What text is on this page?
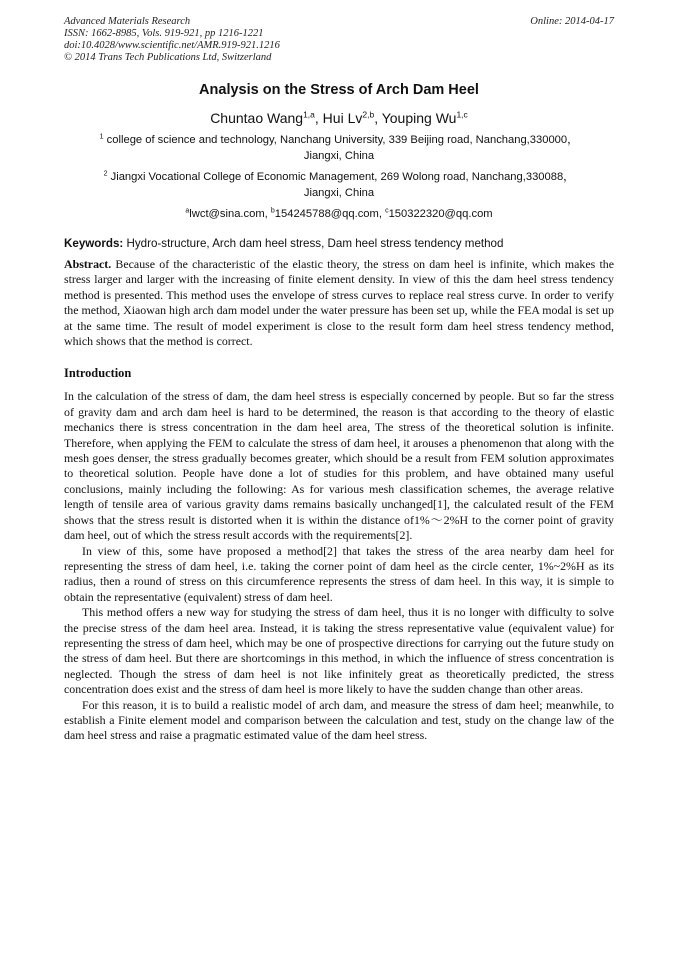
Advanced Materials Research
ISSN: 1662-8985, Vols. 919-921, pp 1216-1221
doi:10.4028/www.scientific.net/AMR.919-921.1216
© 2014 Trans Tech Publications Ltd, Switzerland
Online: 2014-04-17
Analysis on the Stress of Arch Dam Heel
Chuntao Wang$^{1,a}$, Hui Lv$^{2,b}$, Youping Wu$^{1,c}$
$^1$ college of science and technology, Nanchang University, 339 Beijing road, Nanchang,330000，
Jiangxi, China
$^2$ Jiangxi Vocational College of Economic Management, 269 Wolong road, Nanchang,330088，
Jiangxi, China
$^a$lwct@sina.com, $^b$154245788@qq.com, $^c$150322320@qq.com
Keywords: Hydro-structure, Arch dam heel stress, Dam heel stress tendency method
Abstract. Because of the characteristic of the elastic theory, the stress on dam heel is infinite, which makes the stress larger and larger with the increasing of finite element density. In view of this the dam heel stress tendency method is presented. This method uses the envelope of stress curves to replace real stress curve. In order to verify the method, Xiaowan high arch dam model under the water pressure has been set up, while the FEA modal is set up at the same time. The result of model experiment is close to the result form dam heel stress tendency method, which shows that the method is correct.
Introduction
In the calculation of the stress of dam, the dam heel stress is especially concerned by people. But so far the stress of gravity dam and arch dam heel is hard to be determined, the reason is that according to the theory of elastic mechanics there is stress concentration in the dam heel area, The stress of the theoretical solution is infinite. Therefore, when applying the FEM to calculate the stress of dam heel, it arouses a phenomenon that along with the mesh goes denser, the stress gradually becomes greater, which should be a result from FEM solution approximates to theoretical solution. People have done a lot of studies for this problem, and have obtained many useful conclusions, mainly including the following: As for various mesh classification schemes, the average relative length of tensile area of various gravity dams remains basically unchanged[1], the calculated result of the FEM shows that the stress result is distorted when it is within the distance of1%～2%H to the corner point of gravity dam heel, out of which the stress result accords with the requirements[2].
In view of this, some have proposed a method[2] that takes the stress of the area nearby dam heel for representing the stress of dam heel, i.e. taking the corner point of dam heel as the circle center, 1%~2%H as its radius, then a round of stress on this circumference represents the stress of dam heel. In this way, it is simple to obtain the representative (equivalent) stress of dam heel.
This method offers a new way for studying the stress of dam heel, thus it is no longer with difficulty to solve the precise stress of the dam heel area. Instead, it is taking the stress representative value (equivalent value) for representing the stress of dam heel, which may be one of prospective directions for carrying out the future study on the stress of dam heel. But there are shortcomings in this method, in which the influence of stress concentration is neglected. Though the stress of dam heel is not like infinitely great as theoretically predicted, the stress concentration does exist and the stress of dam heel is more likely to have the sudden change than other areas.
For this reason, it is to build a realistic model of arch dam, and measure the stress of dam heel; meanwhile, to establish a Finite element model and comparison between the calculation and test, study on the change law of the dam heel stress and raise a pragmatic estimated value of the dam heel stress.
